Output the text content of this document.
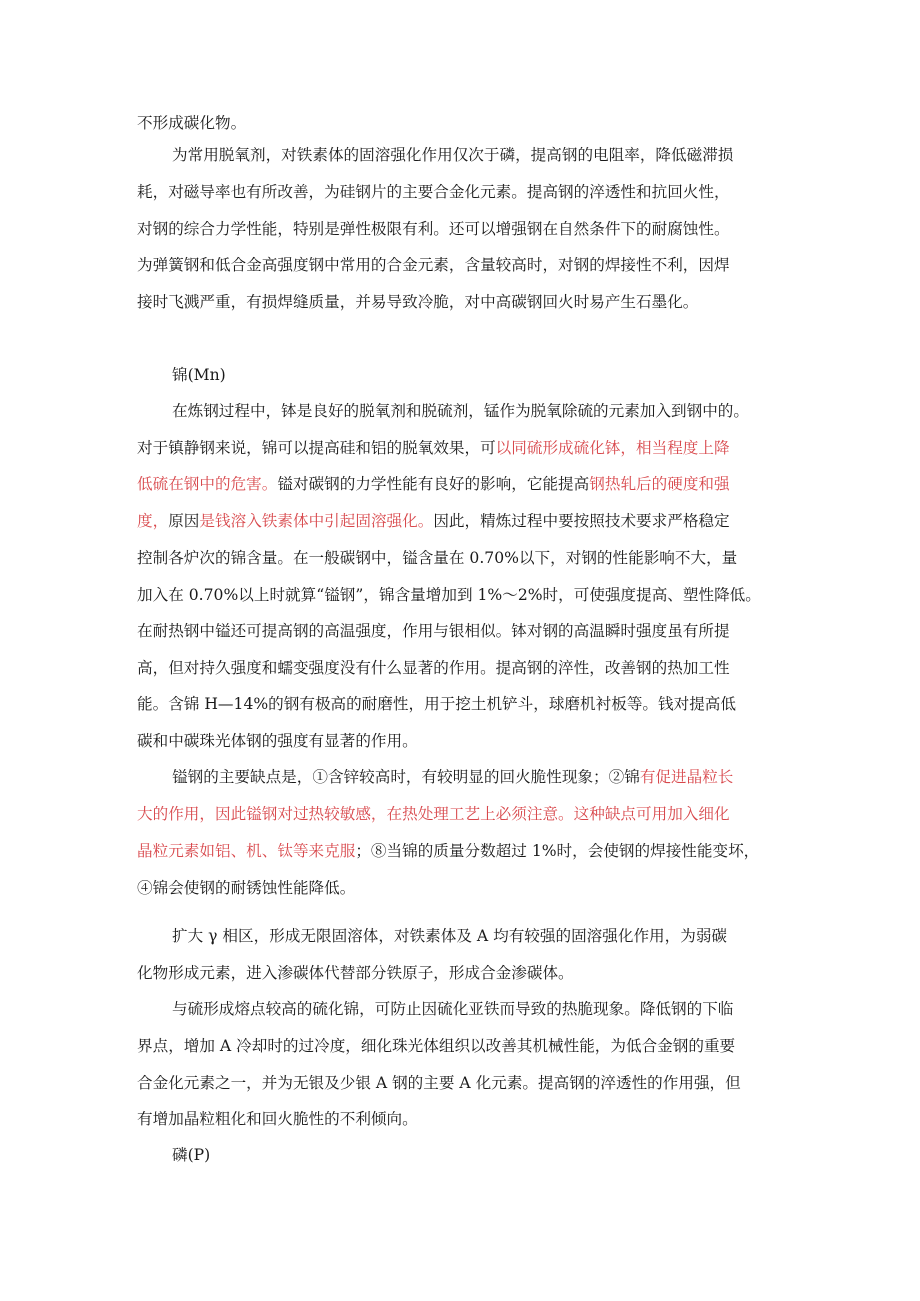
不形成碳化物。

为常用脱氧剂，对铁素体的固溶强化作用仅次于磷，提高钢的电阻率，降低磁滞损

耗，对磁导率也有所改善，为硅钢片的主要合金化元素。提高钢的淬透性和抗回火性，

对钢的综合力学性能，特别是弹性极限有利。还可以增强钢在自然条件下的耐腐蚀性。

为弹簧钢和低合金高强度钢中常用的合金元素，含量较高时，对钢的焊接性不利，因焊

接时飞溅严重，有损焊缝质量，并易导致冷脆，对中高碳钢回火时易产生石墨化。

锦(Mn)

在炼钢过程中，钵是良好的脱氧剂和脱硫剂，锰作为脱氧除硫的元素加入到钢中的。

对于镇静钢来说，锦可以提高硅和铝的脱氧效果，可以同硫形成硫化钵，相当程度上降

低硫在钢中的危害。镒对碳钢的力学性能有良好的影响，它能提高钢热轧后的硬度和强

度，原因是钱溶入铁素体中引起固溶强化。因此，精炼过程中要按照技术要求严格稳定

控制各炉次的锦含量。在一般碳钢中，镒含量在 0.70%以下，对钢的性能影响不大，量

加入在 0.70%以上时就算“镒钢”，锦含量增加到 1%～2%时，可使强度提高、塑性降低。

在耐热钢中镒还可提高钢的高温强度，作用与银相似。钵对钢的高温瞬时强度虽有所提

高，但对持久强度和蠕变强度没有什么显著的作用。提高钢的淬性，改善钢的热加工性

能。含锦 H—14%的钢有极高的耐磨性，用于挖土机铲斗，球磨机衬板等。钱对提高低

碳和中碳珠光体钢的强度有显著的作用。

镒钢的主要缺点是，①含锌较高时，有较明显的回火脆性现象；②锦有促进晶粒长

大的作用，因此镒钢对过热较敏感，在热处理工艺上必须注意。这种缺点可用加入细化

晶粒元素如铝、机、钛等来克服；⑧当锦的质量分数超过 1%时，会使钢的焊接性能变坏，

④锦会使钢的耐锈蚀性能降低。

扩大 γ 相区，形成无限固溶体，对铁素体及 A 均有较强的固溶强化作用，为弱碳

化物形成元素，进入渗碳体代替部分铁原子，形成合金渗碳体。

与硫形成熔点较高的硫化锦，可防止因硫化亚铁而导致的热脆现象。降低钢的下临

界点，增加 A 冷却时的过冷度，细化珠光体组织以改善其机械性能，为低合金钢的重要

合金化元素之一，并为无银及少银 A 钢的主要 A 化元素。提高钢的淬透性的作用强，但

有增加晶粒粗化和回火脆性的不利倾向。

磷(P)
